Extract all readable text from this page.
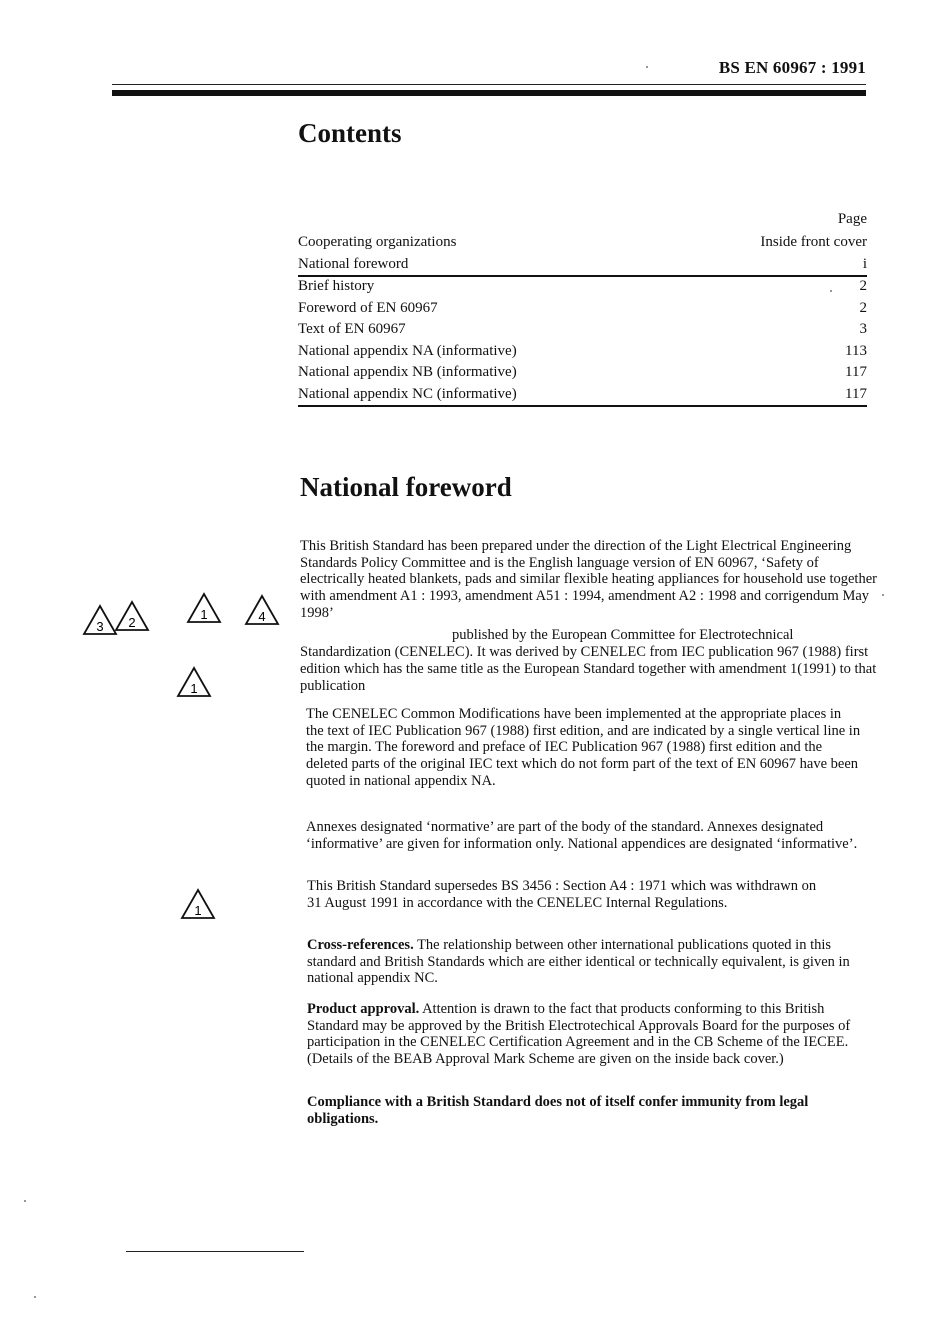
BS EN 60967 : 1991
Contents
Page
Cooperating organizations	Inside front cover
National foreword	i
Brief history	2
Foreword of EN 60967	2
Text of EN 60967	3
National appendix NA (informative)	113
National appendix NB (informative)	117
National appendix NC (informative)	117
National foreword

This British Standard has been prepared under the direction of the Light Electrical Engineering Standards Policy Committee and is the English language version of EN 60967, ‘Safety of electrically heated blankets, pads and similar flexible heating appliances for household use together with amendment A1 : 1993, amendment A51 : 1994, amendment A2 : 1998 and corrigendum May 1998’

published by the European Committee for Electrotechnical
Standardization (CENELEC). It was derived by CENELEC from IEC publication 967 (1988) first edition which has the same title as the European Standard together with amendment 1(1991) to that publication

The CENELEC Common Modifications have been implemented at the appropriate places in the text of IEC Publication 967 (1988) first edition, and are indicated by a single vertical line in the margin. The foreword and preface of IEC Publication 967 (1988) first edition and the deleted parts of the original IEC text which do not form part of the text of EN 60967 have been quoted in national appendix NA.

Annexes designated ‘normative’ are part of the body of the standard. Annexes designated ‘informative’ are given for information only. National appendices are designated ‘informative’.

This British Standard supersedes BS 3456 : Section A4 : 1971 which was withdrawn on 31 August 1991 in accordance with the CENELEC Internal Regulations.

Cross-references. The relationship between other international publications quoted in this standard and British Standards which are either identical or technically equivalent, is given in national appendix NC.

Product approval. Attention is drawn to the fact that products conforming to this British Standard may be approved by the British Electrotechical Approvals Board for the purposes of participation in the CENELEC Certification Agreement and in the CB Scheme of the IECEE. (Details of the BEAB Approval Mark Scheme are given on the inside back cover.)

Compliance with a British Standard does not of itself confer immunity from legal obligations.

3 2
1	4
1
1
